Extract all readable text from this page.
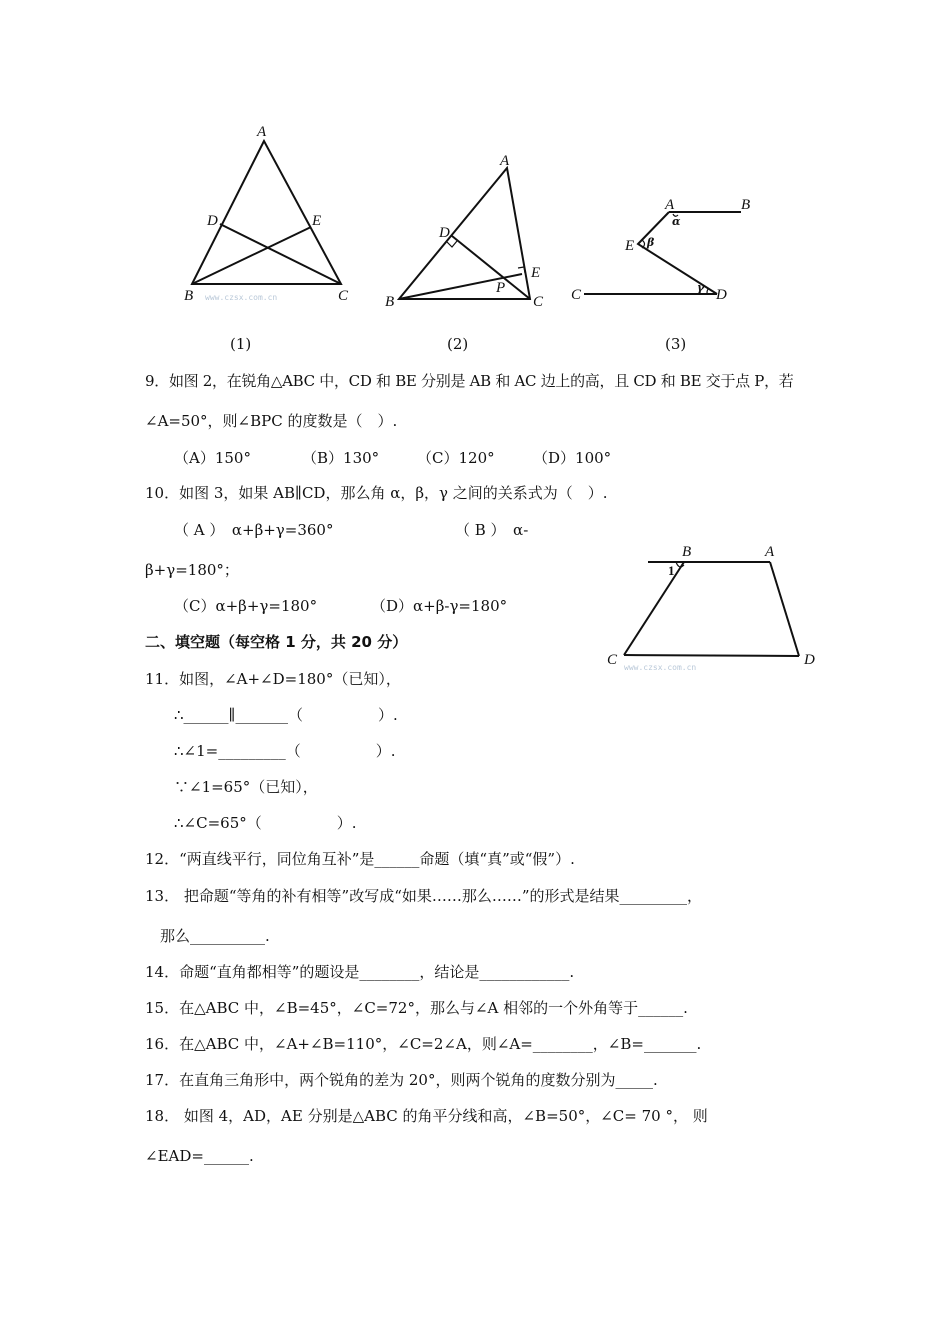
A
D	E
B	C
www.czsx.com.cn
A
D
E
P
B	C
A	B
E
C	D
α
β
γ
(1)	(2)	(3)
B	A
1
C	D
www.czsx.com.cn
9．如图 2，在锐角△ABC 中，CD 和 BE 分别是 AB 和 AC 边上的高，且 CD 和 BE 交于点 P，若
∠A=50°，则∠BPC 的度数是（　）.
（A）150°	（B）130°	（C）120°	（D）100°
10．如图 3，如果 AB∥CD，那么角 α，β，γ 之间的关系式为（　）.
（ A ）　α+β+γ=360°	（ B ）　α-
β+γ=180°；
（C）α+β+γ=180°	（D）α+β-γ=180°
二、填空题（每空格 1 分，共 20 分）
11．如图，∠A+∠D=180°（已知），
∴______∥_______（　　　　　）.
∴∠1=_________（　　　　　）.
∵∠1=65°（已知），
∴∠C=65°（　　　　　）.
12．“两直线平行，同位角互补”是______命题（填“真”或“假”）.
13． 把命题“等角的补有相等”改写成“如果……那么……”的形式是结果_________，
那么__________.
14．命题“直角都相等”的题设是________，结论是____________.
15．在△ABC 中，∠B=45°，∠C=72°，那么与∠A 相邻的一个外角等于______.
16．在△ABC 中，∠A+∠B=110°，∠C=2∠A，则∠A=________，∠B=_______.
17．在直角三角形中，两个锐角的差为 20°，则两个锐角的度数分别为_____.
18． 如图 4，AD，AE 分别是△ABC 的角平分线和高，∠B=50°，∠C= 70 °， 则
∠EAD=______.
